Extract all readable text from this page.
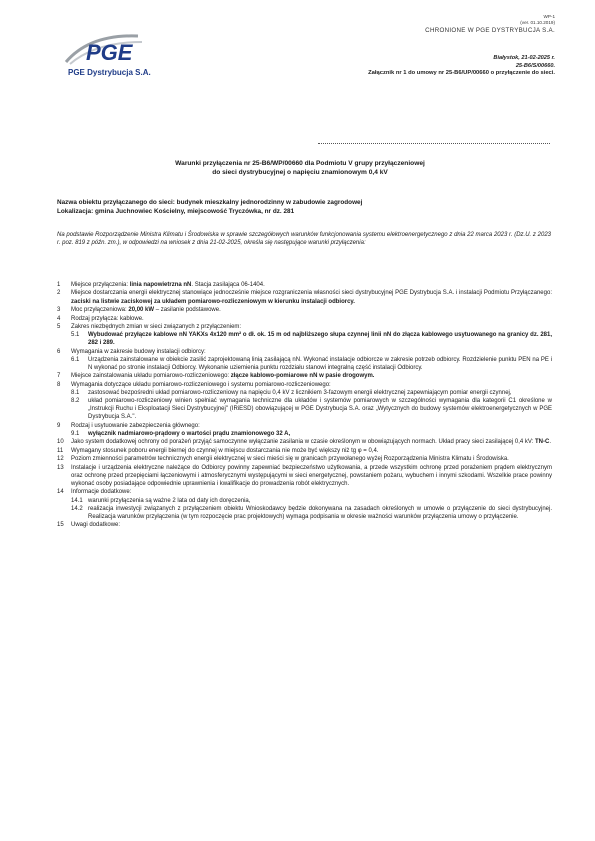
PGE
PGE Dystrybucja S.A.
WP-1
(ver. 01.10.2019)
CHRONIONE W PGE DYSTRYBUCJA S.A.
Białystok, 21-02-2025 r.
25-B6/S/00660.
Załącznik nr 1 do umowy nr 25-B6/UP/00660 o przyłączenie do sieci.
Warunki przyłączenia nr 25-B6/WP/00660 dla Podmiotu V grupy przyłączeniowej
do sieci dystrybucyjnej o napięciu znamionowym 0,4 kV
Nazwa obiektu przyłączanego do sieci: budynek mieszkalny jednorodzinny w zabudowie zagrodowej
Lokalizacja: gmina Juchnowiec Kościelny, miejscowość Tryczówka, nr dz. 281
Na podstawie Rozporządzenie Ministra Klimatu i Środowiska w sprawie szczegółowych warunków funkcjonowania systemu elektroenergetycznego z dnia 22 marca 2023 r. (Dz.U. z 2023 r. poz. 819 z późn. zm.), w odpowiedzi na wniosek z dnia 21-02-2025, określa się następujące warunki przyłączenia:
1	Miejsce przyłączenia: linia napowietrzna nN. Stacja zasilająca 06-1404.
2	Miejsce dostarczania energii elektrycznej stanowiące jednocześnie miejsce rozgraniczenia własności sieci dystrybucyjnej PGE Dystrybucja S.A. i instalacji Podmiotu Przyłączanego: zaciski na listwie zaciskowej za układem pomiarowo-rozliczeniowym w kierunku instalacji odbiorcy.
3	Moc przyłączeniowa: 20,00 kW – zasilanie podstawowe.
4	Rodzaj przyłącza: kablowe.
5	Zakres niezbędnych zmian w sieci związanych z przyłączeniem:
5.1	Wybudować przyłącze kablowe nN YAKXs 4x120 mm² o dł. ok. 15 m od najbliższego słupa czynnej linii nN do złącza kablowego usytuowanego na granicy dz. 281, 282 i 289.
6	Wymagania w zakresie budowy instalacji odbiorcy:
6.1	Urządzenia zainstalowane w obiekcie zasilić zaprojektowaną linią zasilającą nN. Wykonać instalacje odbiorcze w zakresie potrzeb odbiorcy. Rozdzielenie punktu PEN na PE i N wykonać po stronie instalacji Odbiorcy. Wykonanie uziemienia punktu rozdziału stanowi integralną część instalacji Odbiorcy.
7	Miejsce zainstalowania układu pomiarowo-rozliczeniowego: złącze kablowo-pomiarowe nN w pasie drogowym.
8	Wymagania dotyczące układu pomiarowo-rozliczeniowego i systemu pomiarowo-rozliczeniowego:
8.1	zastosować bezpośredni układ pomiarowo-rozliczeniowy na napięciu 0,4 kV z licznikiem 3-fazowym energii elektrycznej zapewniającym pomiar energii czynnej,
8.2	układ pomiarowo-rozliczeniowy winien spełniać wymagania techniczne dla układów i systemów pomiarowych w szczególności wymagania dla kategorii C1 określone w „Instrukcji Ruchu i Eksploatacji Sieci Dystrybucyjnej" (IRiESD) obowiązującej w PGE Dystrybucja S.A. oraz „Wytycznych do budowy systemów elektroenergetycznych w PGE Dystrybucja S.A.".
9	Rodzaj i usytuowanie zabezpieczenia głównego:
9.1	wyłącznik nadmiarowo-prądowy o wartości prądu znamionowego 32 A,
10	Jako system dodatkowej ochrony od porażeń przyjąć samoczynne wyłączanie zasilania w czasie określonym w obowiązujących normach. Układ pracy sieci zasilającej 0,4 kV: TN-C.
11	Wymagany stosunek poboru energii biernej do czynnej w miejscu dostarczania nie może być większy niż tg φ = 0,4.
12	Poziom zmienności parametrów technicznych energii elektrycznej w sieci mieści się w granicach przywołanego wyżej Rozporządzenia Ministra Klimatu i Środowiska.
13	Instalacje i urządzenia elektryczne należące do Odbiorcy powinny zapewniać bezpieczeństwo użytkowania, a przede wszystkim ochronę przed porażeniem prądem elektrycznym oraz ochronę przed przepięciami łączeniowymi i atmosferycznymi występującymi w sieci energetycznej, powstaniem pożaru, wybuchem i innymi szkodami. Wszelkie prace powinny wykonać osoby posiadające odpowiednie uprawnienia i kwalifikacje do prowadzenia robót elektrycznych.
14	Informacje dodatkowe:
14.1 warunki przyłączenia są ważne 2 lata od daty ich doręczenia,
14.2 realizacja inwestycji związanych z przyłączeniem obiektu Wnioskodawcy będzie dokonywana na zasadach określonych w umowie o przyłączenie do sieci dystrybucyjnej. Realizacja warunków przyłączenia (w tym rozpoczęcie prac projektowych) wymaga podpisania w okresie ważności warunków przyłączenia umowy o przyłączenie.
15	Uwagi dodatkowe:
